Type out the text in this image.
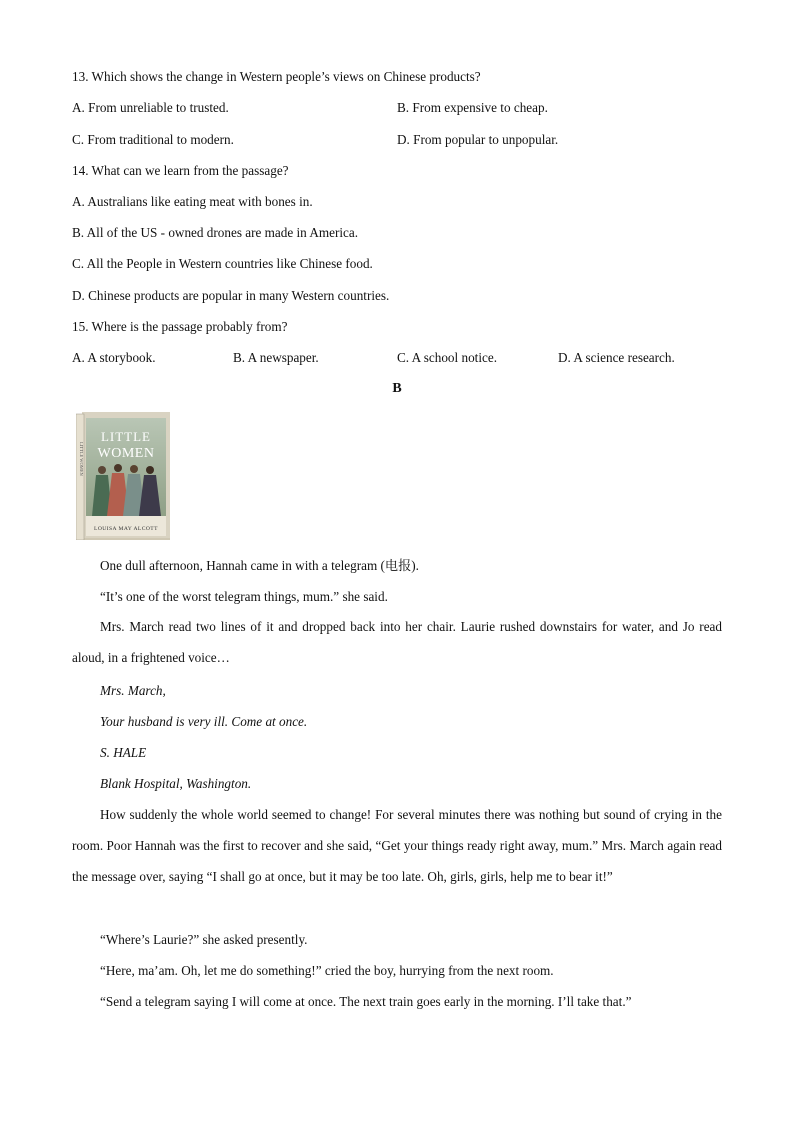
13. Which shows the change in Western people’s views on Chinese products?
A. From unreliable to trusted.	B. From expensive to cheap.
C. From traditional to modern.	D. From popular to unpopular.
14. What can we learn from the passage?
A. Australians like eating meat with bones in.
B. All of the US - owned drones are made in America.
C. All the People in Western countries like Chinese food.
D. Chinese products are popular in many Western countries.
15. Where is the passage probably from?
A. A storybook.	B. A newspaper.	C. A school notice.	D. A science research.
B
LITTLE WOMEN
LITTLE
WOMEN
LOUISA MAY ALCOTT
One dull afternoon, Hannah came in with a telegram (电报).
“It’s one of the worst telegram things, mum.” she said.
Mrs. March read two lines of it and dropped back into her chair. Laurie rushed downstairs for water, and Jo read aloud, in a frightened voice…
Mrs. March,
Your husband is very ill. Come at once.
S. HALE
Blank Hospital, Washington.
How suddenly the whole world seemed to change! For several minutes there was nothing but sound of crying in the room. Poor Hannah was the first to recover and she said, “Get your things ready right away, mum.” Mrs. March again read the message over, saying “I shall go at once, but it may be too late. Oh, girls, girls, help me to bear it!”
“Where’s Laurie?” she asked presently.
“Here, ma’am. Oh, let me do something!” cried the boy, hurrying from the next room.
“Send a telegram saying I will come at once. The next train goes early in the morning. I’ll take that.”
